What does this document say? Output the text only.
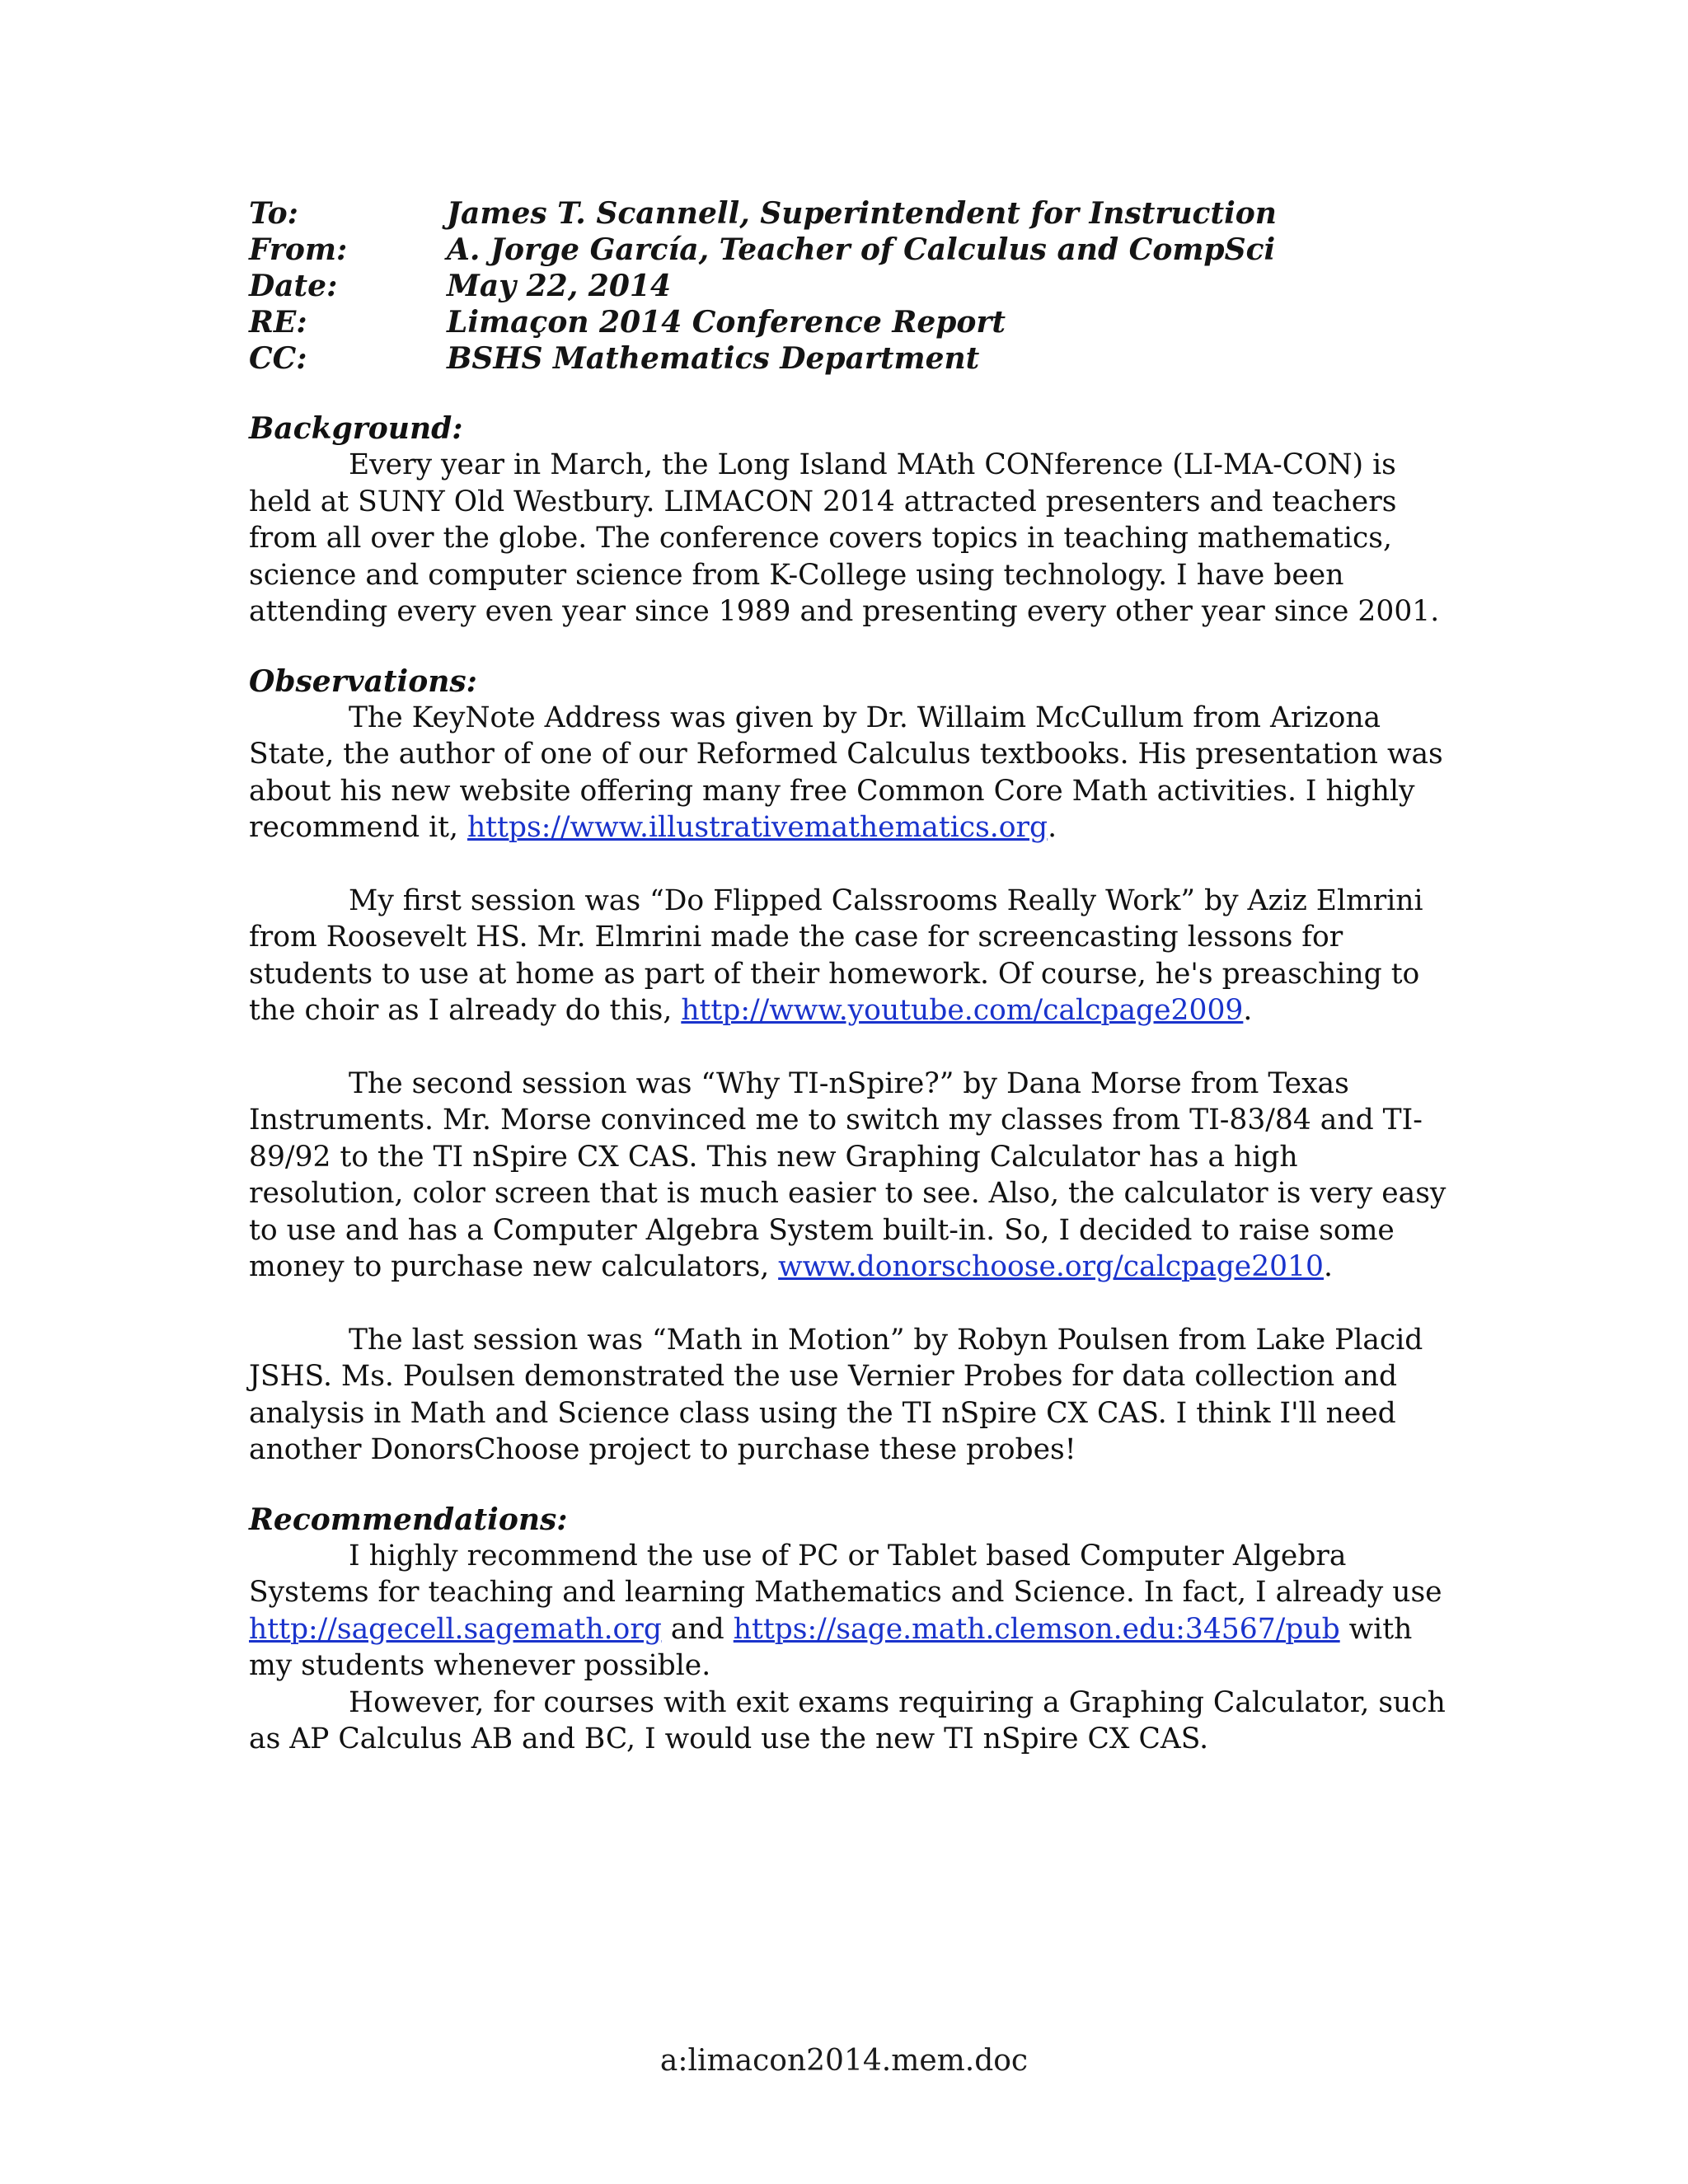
To:	James T. Scannell, Superintendent for Instruction
From:	A. Jorge García, Teacher of Calculus and CompSci
Date:	May 22, 2014
RE:	Limaçon 2014 Conference Report
CC:	BSHS Mathematics Department
Background:

Every year in March, the Long Island MAth CONference (LI-MA-CON) is held at SUNY Old Westbury. LIMACON 2014 attracted presenters and teachers from all over the globe. The conference covers topics in teaching mathematics, science and computer science from K-College using technology. I have been attending every even year since 1989 and presenting every other year since 2001.

Observations:

The KeyNote Address was given by Dr. Willaim McCullum from Arizona State, the author of one of our Reformed Calculus textbooks. His presentation was about his new website offering many free Common Core Math activities. I highly recommend it, https://www.illustrativemathematics.org.

My first session was “Do Flipped Calssrooms Really Work” by Aziz Elmrini from Roosevelt HS. Mr. Elmrini made the case for screencasting lessons for students to use at home as part of their homework. Of course, he's preasching to the choir as I already do this, http://www.youtube.com/calcpage2009.

The second session was “Why TI-nSpire?” by Dana Morse from Texas Instruments. Mr. Morse convinced me to switch my classes from TI-83/84 and TI-89/92 to the TI nSpire CX CAS. This new Graphing Calculator has a high resolution, color screen that is much easier to see. Also, the calculator is very easy to use and has a Computer Algebra System built-in. So, I decided to raise some money to purchase new calculators, www.donorschoose.org/calcpage2010.

The last session was “Math in Motion” by Robyn Poulsen from Lake Placid JSHS. Ms. Poulsen demonstrated the use Vernier Probes for data collection and analysis in Math and Science class using the TI nSpire CX CAS. I think I'll need another DonorsChoose project to purchase these probes!

Recommendations:

I highly recommend the use of PC or Tablet based Computer Algebra Systems for teaching and learning Mathematics and Science. In fact, I already use http://sagecell.sagemath.org and https://sage.math.clemson.edu:34567/pub with my students whenever possible.

However, for courses with exit exams requiring a Graphing Calculator, such as AP Calculus AB and BC, I would use the new TI nSpire CX CAS.

a:limacon2014.mem.doc
